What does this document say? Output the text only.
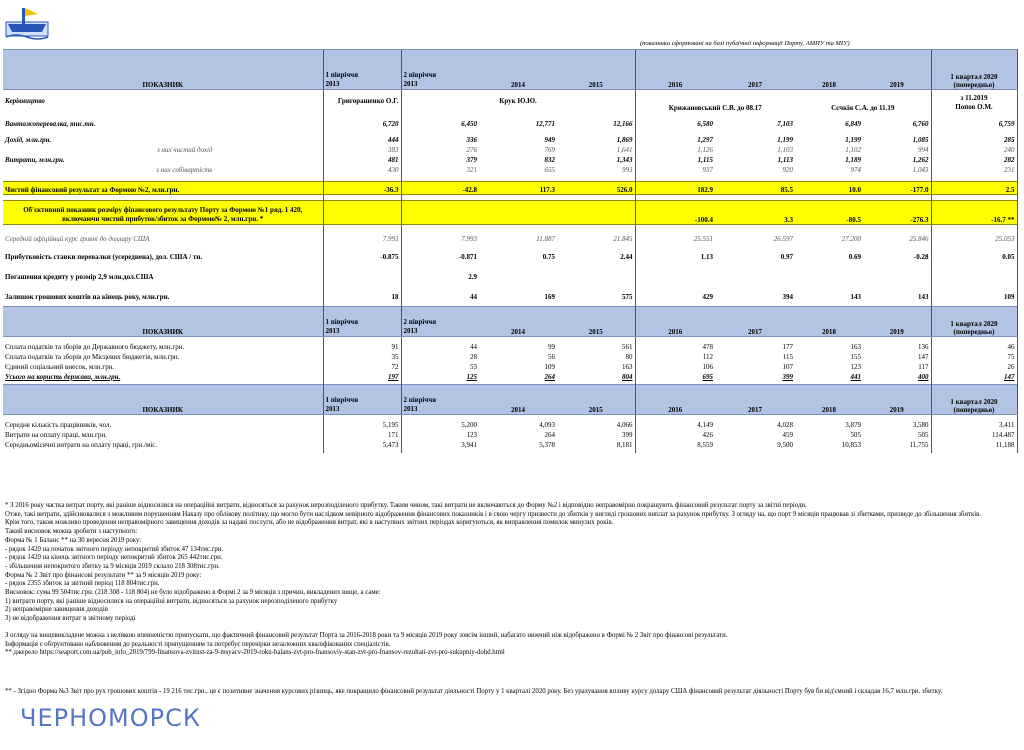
(показники сформовані на базі публічної інформації Порту, АМПУ та МІУ)
ПОКАЗНИК	1 півріччя
2013	2 півріччя
2013	2014	2015	2016	2017	2018	2019	1 квартал 2020
(попередньо)
Керівництво	Григорашенко О.Г.	Крук Ю.Ю.			Крижановський С.В. до 08.17		Сєчкін С.А. до 11.19		з 11.2019
Попов О.М.

Вантажоперевалка, тис.тн.	6,720	6,450	12,771	12,166	6,580	7,103	6,849	6,760	6,759

Дохід, млн.грн.	444	336	949	1,869	1,297	1,199	1,199	1,085	285
з них чистий дохід	383	276	769	1,641	1,126	1,103	1,102	994	240
Витрати, млн.грн.	481	379	832	1,343	1,115	1,113	1,189	1,262	282
з них собівартість	430	321	655	993	937	920	974	1,043	231

Чистий фінансовий результат за Формою №2, млн.грн.	-36.3	-42.8	117.3	526.0	182.9	85.5	10.0	-177.0	2.5

Об'єктивний показник розміру фінансового результату Порту за Формою №1 ряд. 1 420,
включаючи чистий прибуток/збиток за Формою№ 2, млн.грн. *					-100.4	3.3	-80.5	-276.3	-16.7 **

Середній офіційний курс гривні до доллару США	7.993	7.993	11.887	21.845	25.551	26.597	27.200	25.846	25.053

Прибутковість ставки перевалки (усереднена), дол. США / тн.	-0.875	-0.871	0.75	2.44	1.13	0.97	0.69	-0.28	0.05

Погашення кредиту у розмір 2,9 млн.дол.США		2.9							

Залишок грошових коштів на кінець року, млн.грн.	18	44	169	575	429	394	143	143	109

ПОКАЗНИК	1 півріччя
2013	2 півріччя
2013	2014	2015	2016	2017	2018	2019	1 квартал 2020
(попередньо)

Сплата податків та зборів до Державного бюджету, млн.грн.	91	44	99	561	478	177	163	136	46
Сплата податків та зборів до Місцевих бюджетів, млн.грн.	35	28	56	80	112	115	155	147	75
Єдиний соціальний внесок, млн.грн.	72	53	109	163	106	107	123	117	26
Усього на користь держави, млн.грн.	197	125	264	804	695	399	441	400	147

ПОКАЗНИК	1 півріччя
2013	2 півріччя
2013	2014	2015	2016	2017	2018	2019	1 квартал 2020
(попередньо)

Середня кількість працівників, чол.	5,195	5,200	4,093	4,066	4,149	4,028	3,879	3,580	3,411
Витрати на оплату праці, млн.грн.	171	123	264	399	426	459	505	505	114.487
Середньомісячні витрати на оплату праці, грн./міс.	5,473	3,941	5,378	8,181	8,559	9,500	10,853	11,755	11,188

* З 2016 року частка витрат порту, які раніше відносилися на операційні витрати, відносяться за рахунок нерозподіленого прибутку. Таким чином, такі витрати не включаються до Форму №2 і відповідно неправомірно покращують фінансовий результат порту за звітні періоди.

Отже, такі витрати, здійснювалися з можливим порушенням Наказу про облікову політику, що могло бути наслідком невірного відображення фінансових показників і в свою чергу призвести до збитків у вигляді грошових виплат за рахунок прибутку. З огляду на, що порт 9 місяців працював зі збитками, призведе до збільшення збитків.

Крім того, також можливо проведення неправомірного завищення доходів за надані послуги, або не відображення витрат, які в наступних звітних періодах коригуються, як виправлення помилок минулих років.

Такий висновок можна зробити з наступного:

Форма № 1 Баланс ** на 30 вересня 2019 року:

- рядок 1420 на початок звітного періоду непокритий збиток 47 134тис.грн.

- рядок 1420 на кінець звітного періоду непокритий збиток 265 442тис.грн.

- збільшення непокритого збитку за 9 місяців 2019 склало 218 308тис.грн.

Форма № 2 Звіт про фінансові результати ** за 9 місяців 2019 року:

- рядок 2355 збиток за звітний період 118 804тис.грн.

Висновок: сума 99 504тис.грн. (218 308 - 118 804) не було відображено в Формі 2 за 9 місяців з причин, викладених вище, а саме:

1) витрати порту, які раніше відносилися на операційні витрати, відносяться за рахунок нерозподіленого прибутку

2) неправомірне завищення доходів

3) не відображення витрат в звітному періоді

З огляду на вищевикладене можна з великою впевненістю припускати, що фактичний фінансовий результат Порта за 2016-2018 роки та 9 місяців 2019 року зовсім інший, набагато нижчий ніж відображено в Формі № 2 Звіт про фінансові результати.

Інформація є обґрунтовано наближеним до реальності припущенням та потребує перевірки незалежних кваліфікованих спеціалістів.

** джерело https://seaport.com.ua/pub_info_2019/799-finansova-zvitnst-za-9-msyacv-2019-roku-balans-zvt-pro-fnansoviy-stan-zvt-pro-fnansov-rezultati-zvt-pro-sukupniy-dohd.html

** - Згідно Форма №3 Звіт про рух грошових коштів - 19 216 тис.грн., це є позитивне значення курсових різниць, яке покращило фінансовий результат діяльності Порту у 1 кварталі 2020 року. Без урахування впливу курсу долару США фінансовий результат діяльності Порту був би від'ємний і складав 16,7 млн.грн. збитку.

ЧЕРНОМОРСК
